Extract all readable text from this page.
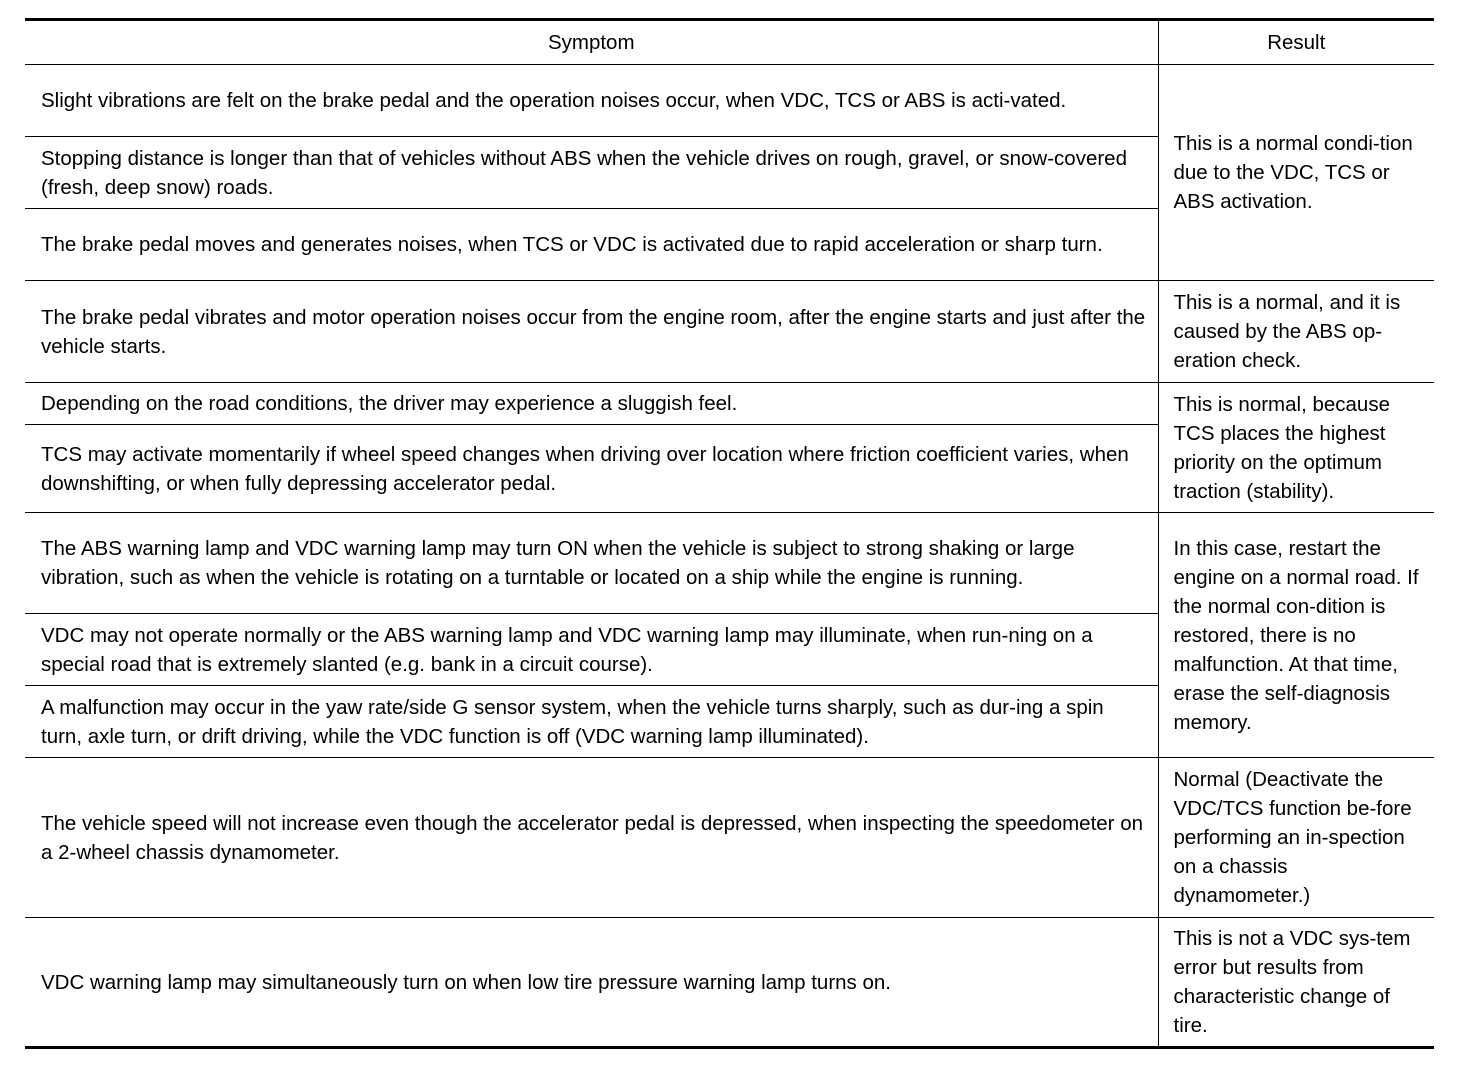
Symptom	Result
Slight vibrations are felt on the brake pedal and the operation noises occur, when VDC, TCS or ABS is acti-vated.	This is a normal condi-tion due to the VDC, TCS or ABS activation.
Stopping distance is longer than that of vehicles without ABS when the vehicle drives on rough, gravel, or snow-covered (fresh, deep snow) roads.	
The brake pedal moves and generates noises, when TCS or VDC is activated due to rapid acceleration or sharp turn.	
The brake pedal vibrates and motor operation noises occur from the engine room, after the engine starts and just after the vehicle starts.	This is a normal, and it is caused by the ABS op-eration check.
Depending on the road conditions, the driver may experience a sluggish feel.	This is normal, because TCS places the highest priority on the optimum traction (stability).
TCS may activate momentarily if wheel speed changes when driving over location where friction coefficient varies, when downshifting, or when fully depressing accelerator pedal.	
The ABS warning lamp and VDC warning lamp may turn ON when the vehicle is subject to strong shaking or large vibration, such as when the vehicle is rotating on a turntable or located on a ship while the engine is running.	In this case, restart the engine on a normal road. If the normal con-dition is restored, there is no malfunction. At that time, erase the self-diagnosis memory.
VDC may not operate normally or the ABS warning lamp and VDC warning lamp may illuminate, when run-ning on a special road that is extremely slanted (e.g. bank in a circuit course).	
A malfunction may occur in the yaw rate/side G sensor system, when the vehicle turns sharply, such as dur-ing a spin turn, axle turn, or drift driving, while the VDC function is off (VDC warning lamp illuminated).	
The vehicle speed will not increase even though the accelerator pedal is depressed, when inspecting the speedometer on a 2-wheel chassis dynamometer.	Normal (Deactivate the VDC/TCS function be-fore performing an in-spection on a chassis dynamometer.)
VDC warning lamp may simultaneously turn on when low tire pressure warning lamp turns on.	This is not a VDC sys-tem error but results from characteristic change of tire.
